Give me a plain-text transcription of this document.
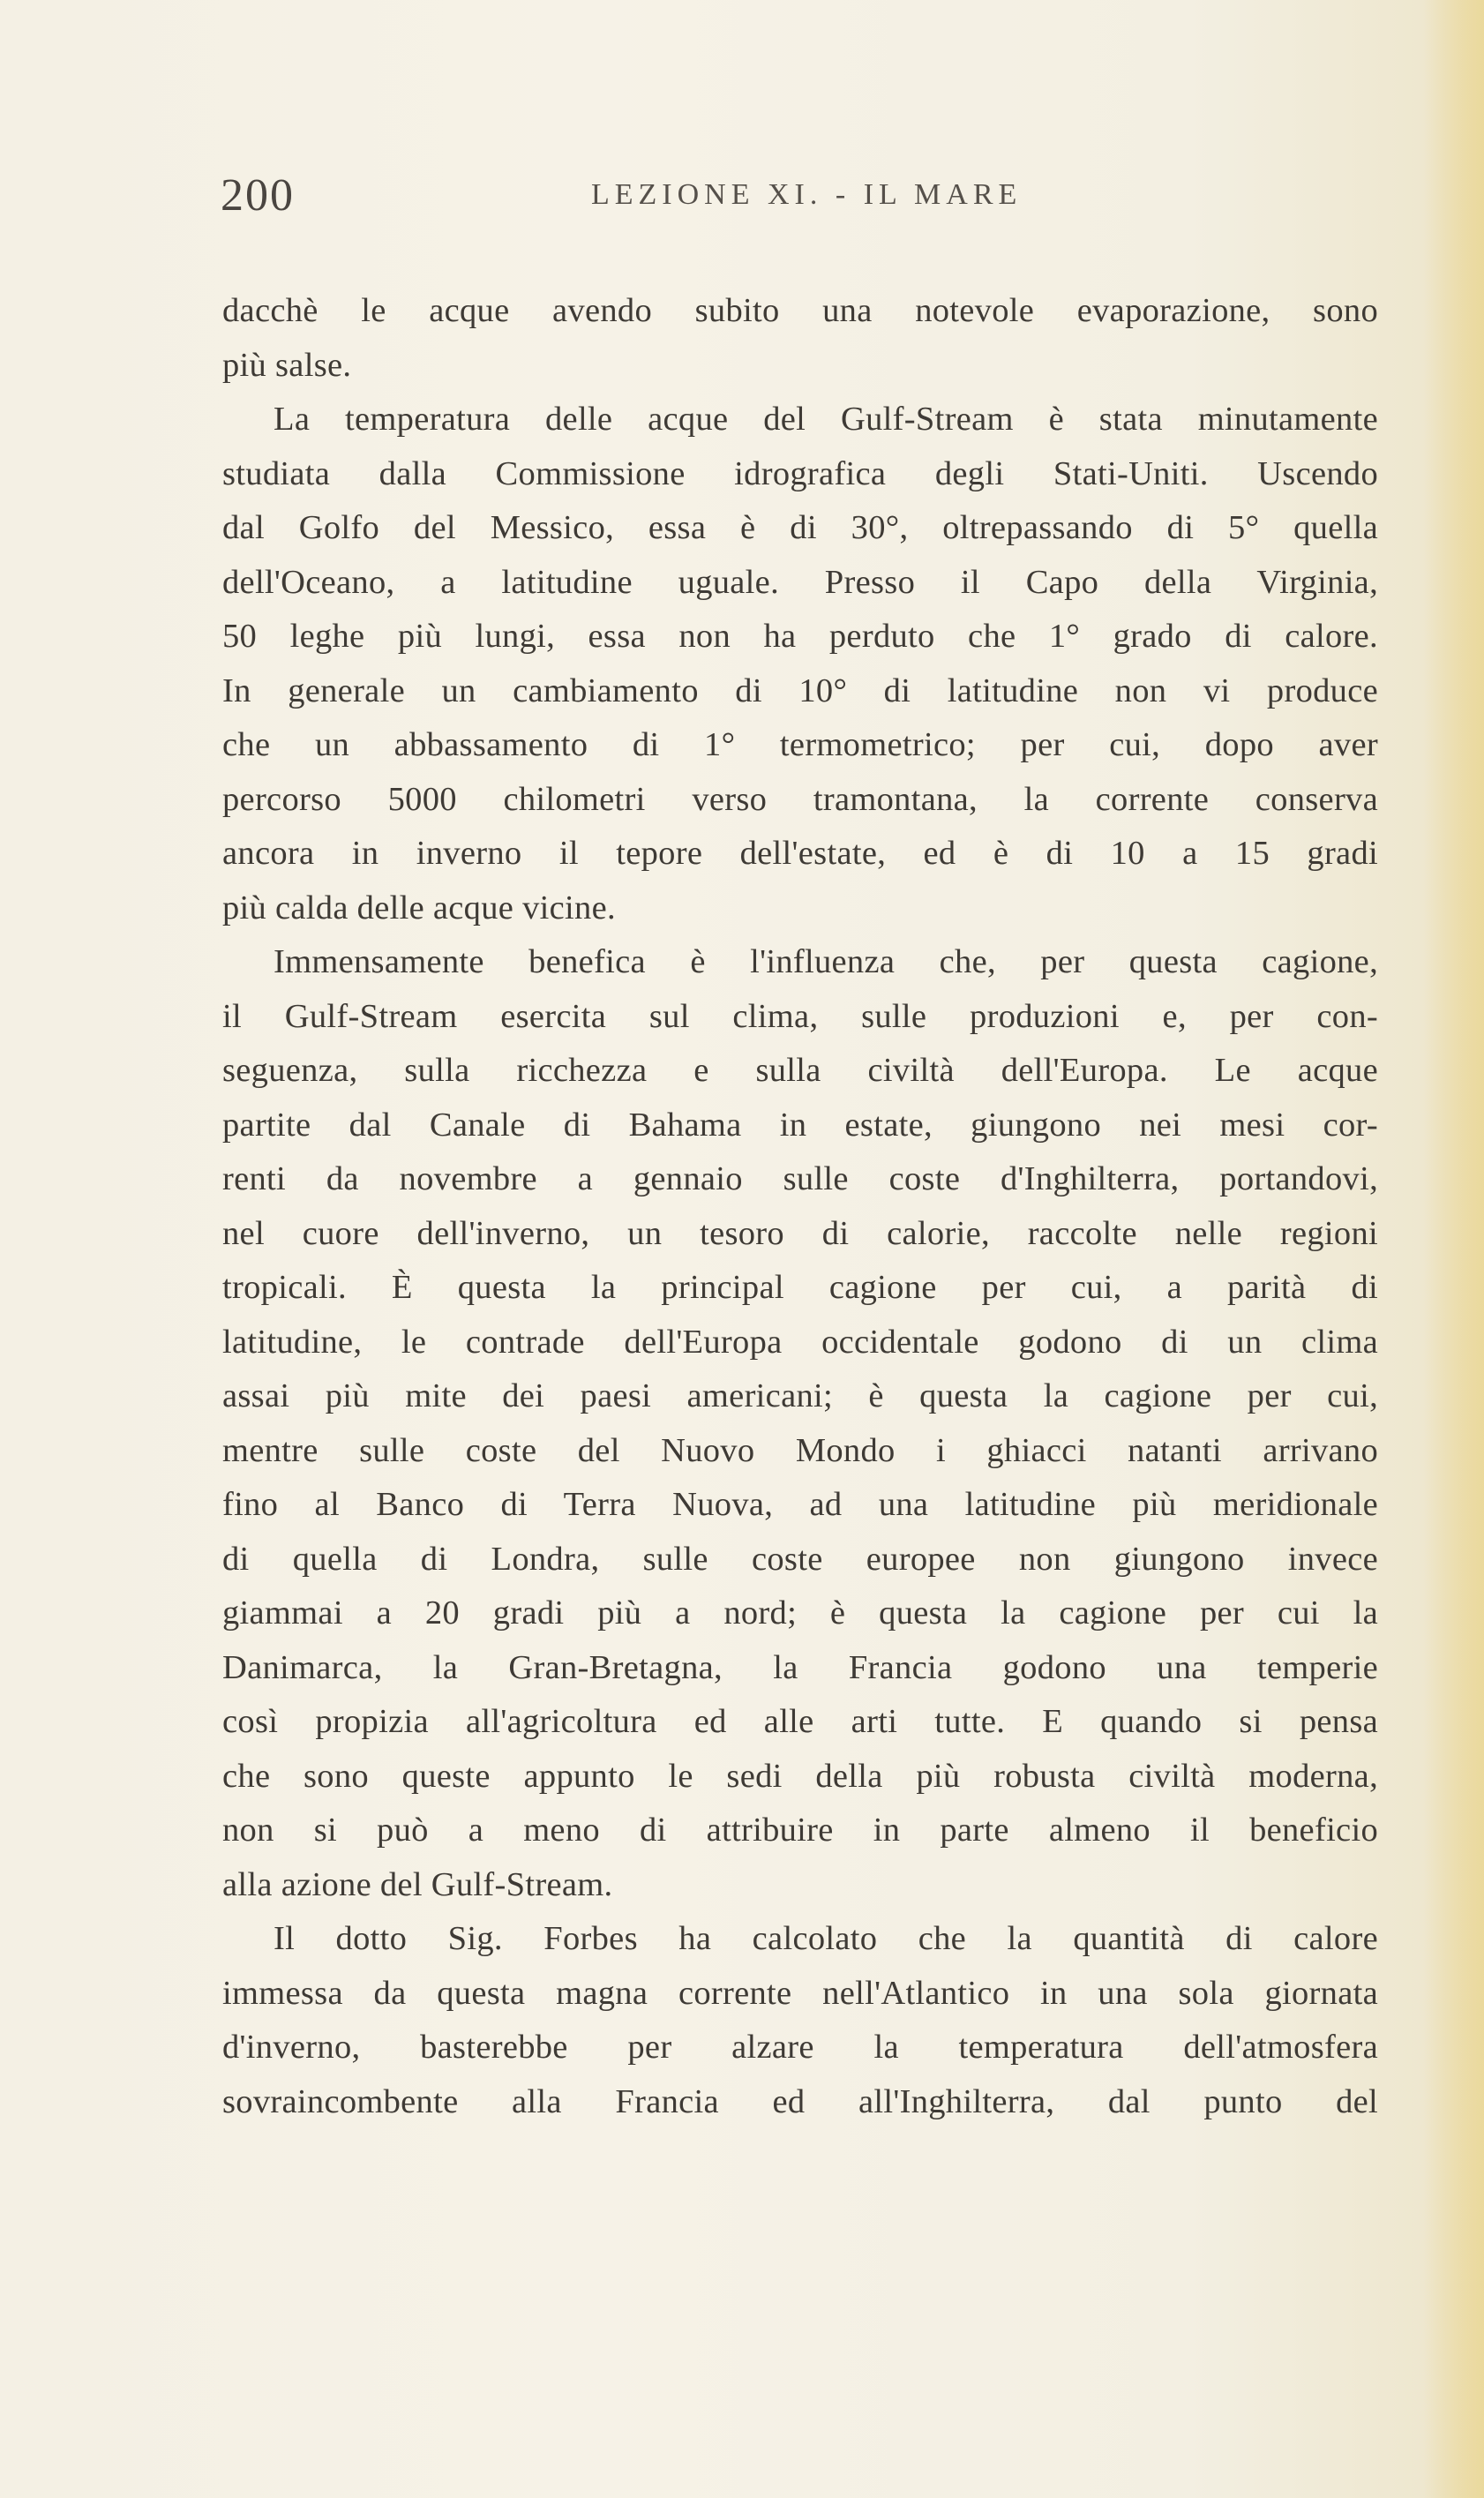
200	LEZIONE XI. - IL MARE
dacchè le acque avendo subito una notevole evaporazione, sono
più salse.
La temperatura delle acque del Gulf-Stream è stata minutamente
studiata dalla Commissione idrografica degli Stati-Uniti. Uscendo
dal Golfo del Messico, essa è di 30°, oltrepassando di 5° quella
dell'Oceano, a latitudine uguale. Presso il Capo della Virginia,
50 leghe più lungi, essa non ha perduto che 1° grado di calore.
In generale un cambiamento di 10° di latitudine non vi produce
che un abbassamento di 1° termometrico; per cui, dopo aver
percorso 5000 chilometri verso tramontana, la corrente conserva
ancora in inverno il tepore dell'estate, ed è di 10 a 15 gradi
più calda delle acque vicine.
Immensamente benefica è l'influenza che, per questa cagione,
il Gulf-Stream esercita sul clima, sulle produzioni e, per con-
seguenza, sulla ricchezza e sulla civiltà dell'Europa. Le acque
partite dal Canale di Bahama in estate, giungono nei mesi cor-
renti da novembre a gennaio sulle coste d'Inghilterra, portandovi,
nel cuore dell'inverno, un tesoro di calorie, raccolte nelle regioni
tropicali. È questa la principal cagione per cui, a parità di
latitudine, le contrade dell'Europa occidentale godono di un clima
assai più mite dei paesi americani; è questa la cagione per cui,
mentre sulle coste del Nuovo Mondo i ghiacci natanti arrivano
fino al Banco di Terra Nuova, ad una latitudine più meridionale
di quella di Londra, sulle coste europee non giungono invece
giammai a 20 gradi più a nord; è questa la cagione per cui la
Danimarca, la Gran-Bretagna, la Francia godono una temperie
così propizia all'agricoltura ed alle arti tutte. E quando si pensa
che sono queste appunto le sedi della più robusta civiltà moderna,
non si può a meno di attribuire in parte almeno il beneficio
alla azione del Gulf-Stream.
Il dotto Sig. Forbes ha calcolato che la quantità di calore
immessa da questa magna corrente nell'Atlantico in una sola giornata
d'inverno, basterebbe per alzare la temperatura dell'atmosfera
sovraincombente alla Francia ed all'Inghilterra, dal punto del
